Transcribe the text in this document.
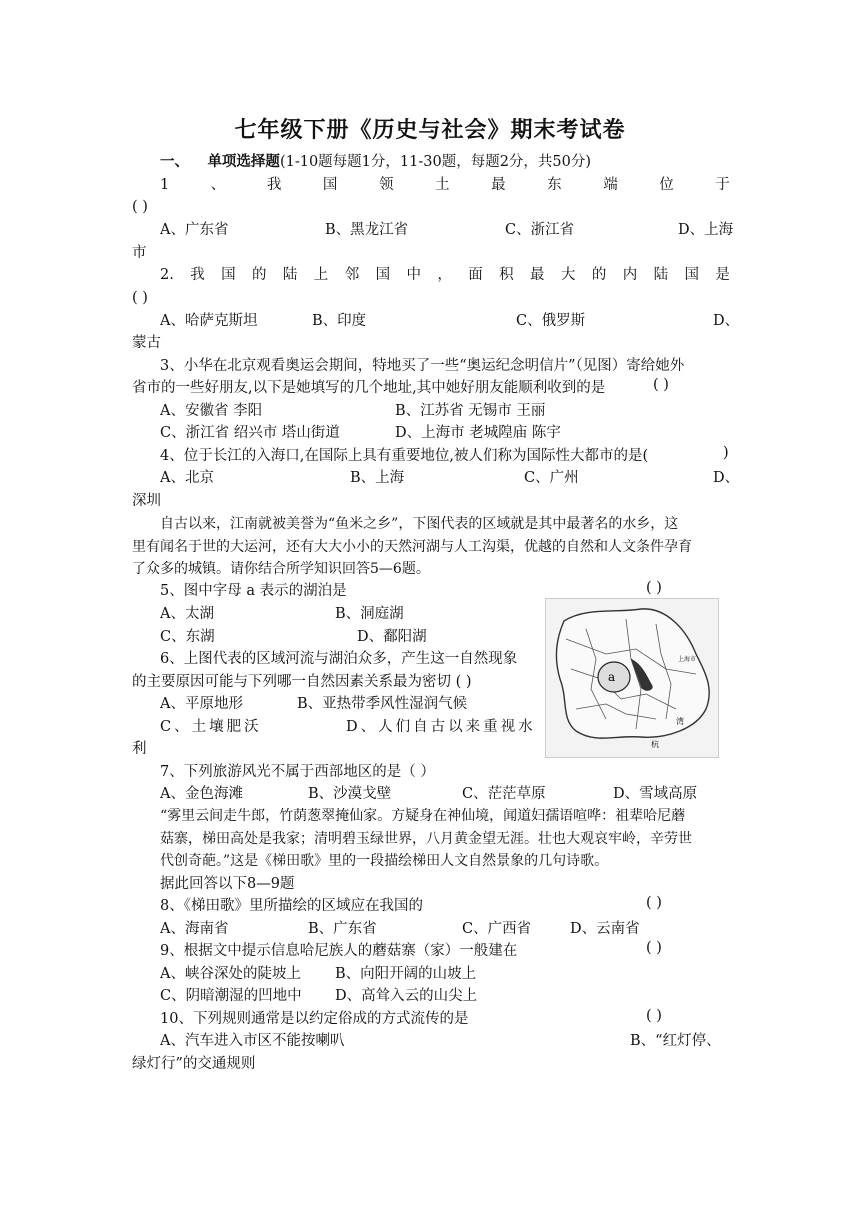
七年级下册《历史与社会》期末考试卷
一、 单项选择题(1-10题每题1分，11-30题，每题2分，共50分)
1	、	我	国	领	土	最	东	端	位	于
( )
A、广东省	B、黑龙江省	C、浙江省	D、上海
市
2. 我 国 的 陆 上 邻 国 中 ， 面 积 最 大 的 内 陆 国 是
( )
A、哈萨克斯坦	B、印度	C、俄罗斯	D、
蒙古
3、小华在北京观看奥运会期间，特地买了一些“奥运纪念明信片”（见图）寄给她外
省市的一些好朋友,以下是她填写的几个地址,其中她好朋友能顺利收到的是	( )
A、安徽省 李阳	B、江苏省 无锡市 王丽
C、浙江省 绍兴市 塔山街道	D、上海市 老城隍庙 陈宇
4、位于长江的入海口,在国际上具有重要地位,被人们称为国际性大都市的是(	)
A、北京	B、上海	C、广州	D、
深圳

自古以来，江南就被美誉为“鱼米之乡”，下图代表的区域就是其中最著名的水乡，这

里有闻名于世的大运河，还有大大小小的天然河湖与人工沟渠，优越的自然和人文条件孕育

了众多的城镇。请你结合所学知识回答5—6题。

5、图中字母 a 表示的湖泊是	( )
A、太湖	B、洞庭湖
C、东湖	D、鄱阳湖
a
上海市
湾
杭
6、上图代表的区域河流与湖泊众多，产生这一自然现象
的主要原因可能与下列哪一自然因素关系最为密切 ( )
A、平原地形	B、亚热带季风性湿润气候
C、土壤肥沃	D、人们自古以来重视水
利
7、下列旅游风光不属于西部地区的是（ ）
A、金色海滩	B、沙漠戈壁	C、茫茫草原	D、雪域高原

“雾里云间走牛郎，竹荫葱翠掩仙家。方疑身在神仙境，闻道妇孺语喧哗：祖辈哈尼蘑

菇寨，梯田高处是我家；清明碧玉绿世界，八月黄金望无涯。壮也大观哀牢岭，辛劳世

代创奇葩。”这是《梯田歌》里的一段描绘梯田人文自然景象的几句诗歌。

据此回答以下8—9题
8、《梯田歌》里所描绘的区域应在我国的	( )
A、海南省	B、广东省	C、广西省	D、云南省
9、根据文中提示信息哈尼族人的蘑菇寨（家）一般建在	( )
A、峡谷深处的陡坡上 B、向阳开阔的山坡上
C、阴暗潮湿的凹地中 D、高耸入云的山尖上
10、下列规则通常是以约定俗成的方式流传的是	( )
A、汽车进入市区不能按喇叭	B、“红灯停、
绿灯行”的交通规则
